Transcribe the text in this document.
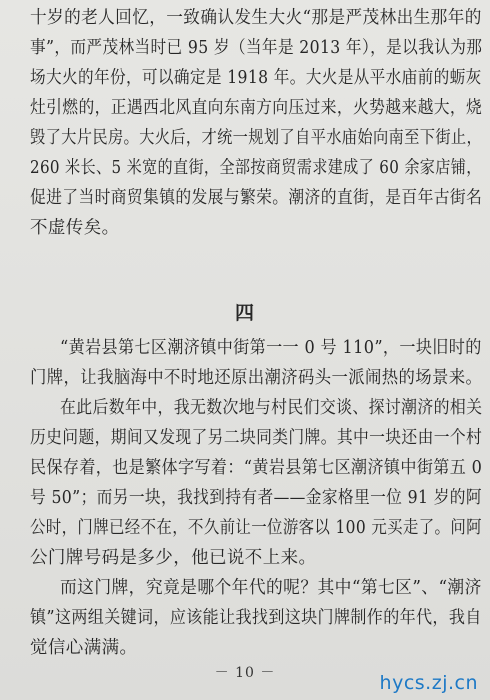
十岁的老人回忆，一致确认发生大火“那是严茂林出生那年的
事”，而严茂林当时已 95 岁（当年是 2013 年），是以我认为那
场大火的年份，可以确定是 1918 年。大火是从平水庙前的蛎灰
灶引燃的，正遇西北风直向东南方向压过来，火势越来越大，烧
毁了大片民房。大火后，才统一规划了自平水庙始向南至下街止，
260 米长、5 米宽的直街，全部按商贸需求建成了 60 余家店铺，
促进了当时商贸集镇的发展与繁荣。潮济的直街，是百年古街名
不虚传矣。
四
“黄岩县第七区潮济镇中街第一一 0 号 110”，一块旧时的
门牌，让我脑海中不时地还原出潮济码头一派闹热的场景来。
在此后数年中，我无数次地与村民们交谈、探讨潮济的相关
历史问题，期间又发现了另二块同类门牌。其中一块还由一个村
民保存着，也是繁体字写着：“黄岩县第七区潮济镇中街第五 0
号 50”；而另一块，我找到持有者——金家格里一位 91 岁的阿
公时，门牌已经不在，不久前让一位游客以 100 元买走了。问阿
公门牌号码是多少，他已说不上来。
而这门牌，究竟是哪个年代的呢？其中“第七区”、“潮济
镇”这两组关键词，应该能让我找到这块门牌制作的年代，我自
觉信心满满。
－ 10 －	hycs.zj.cn
